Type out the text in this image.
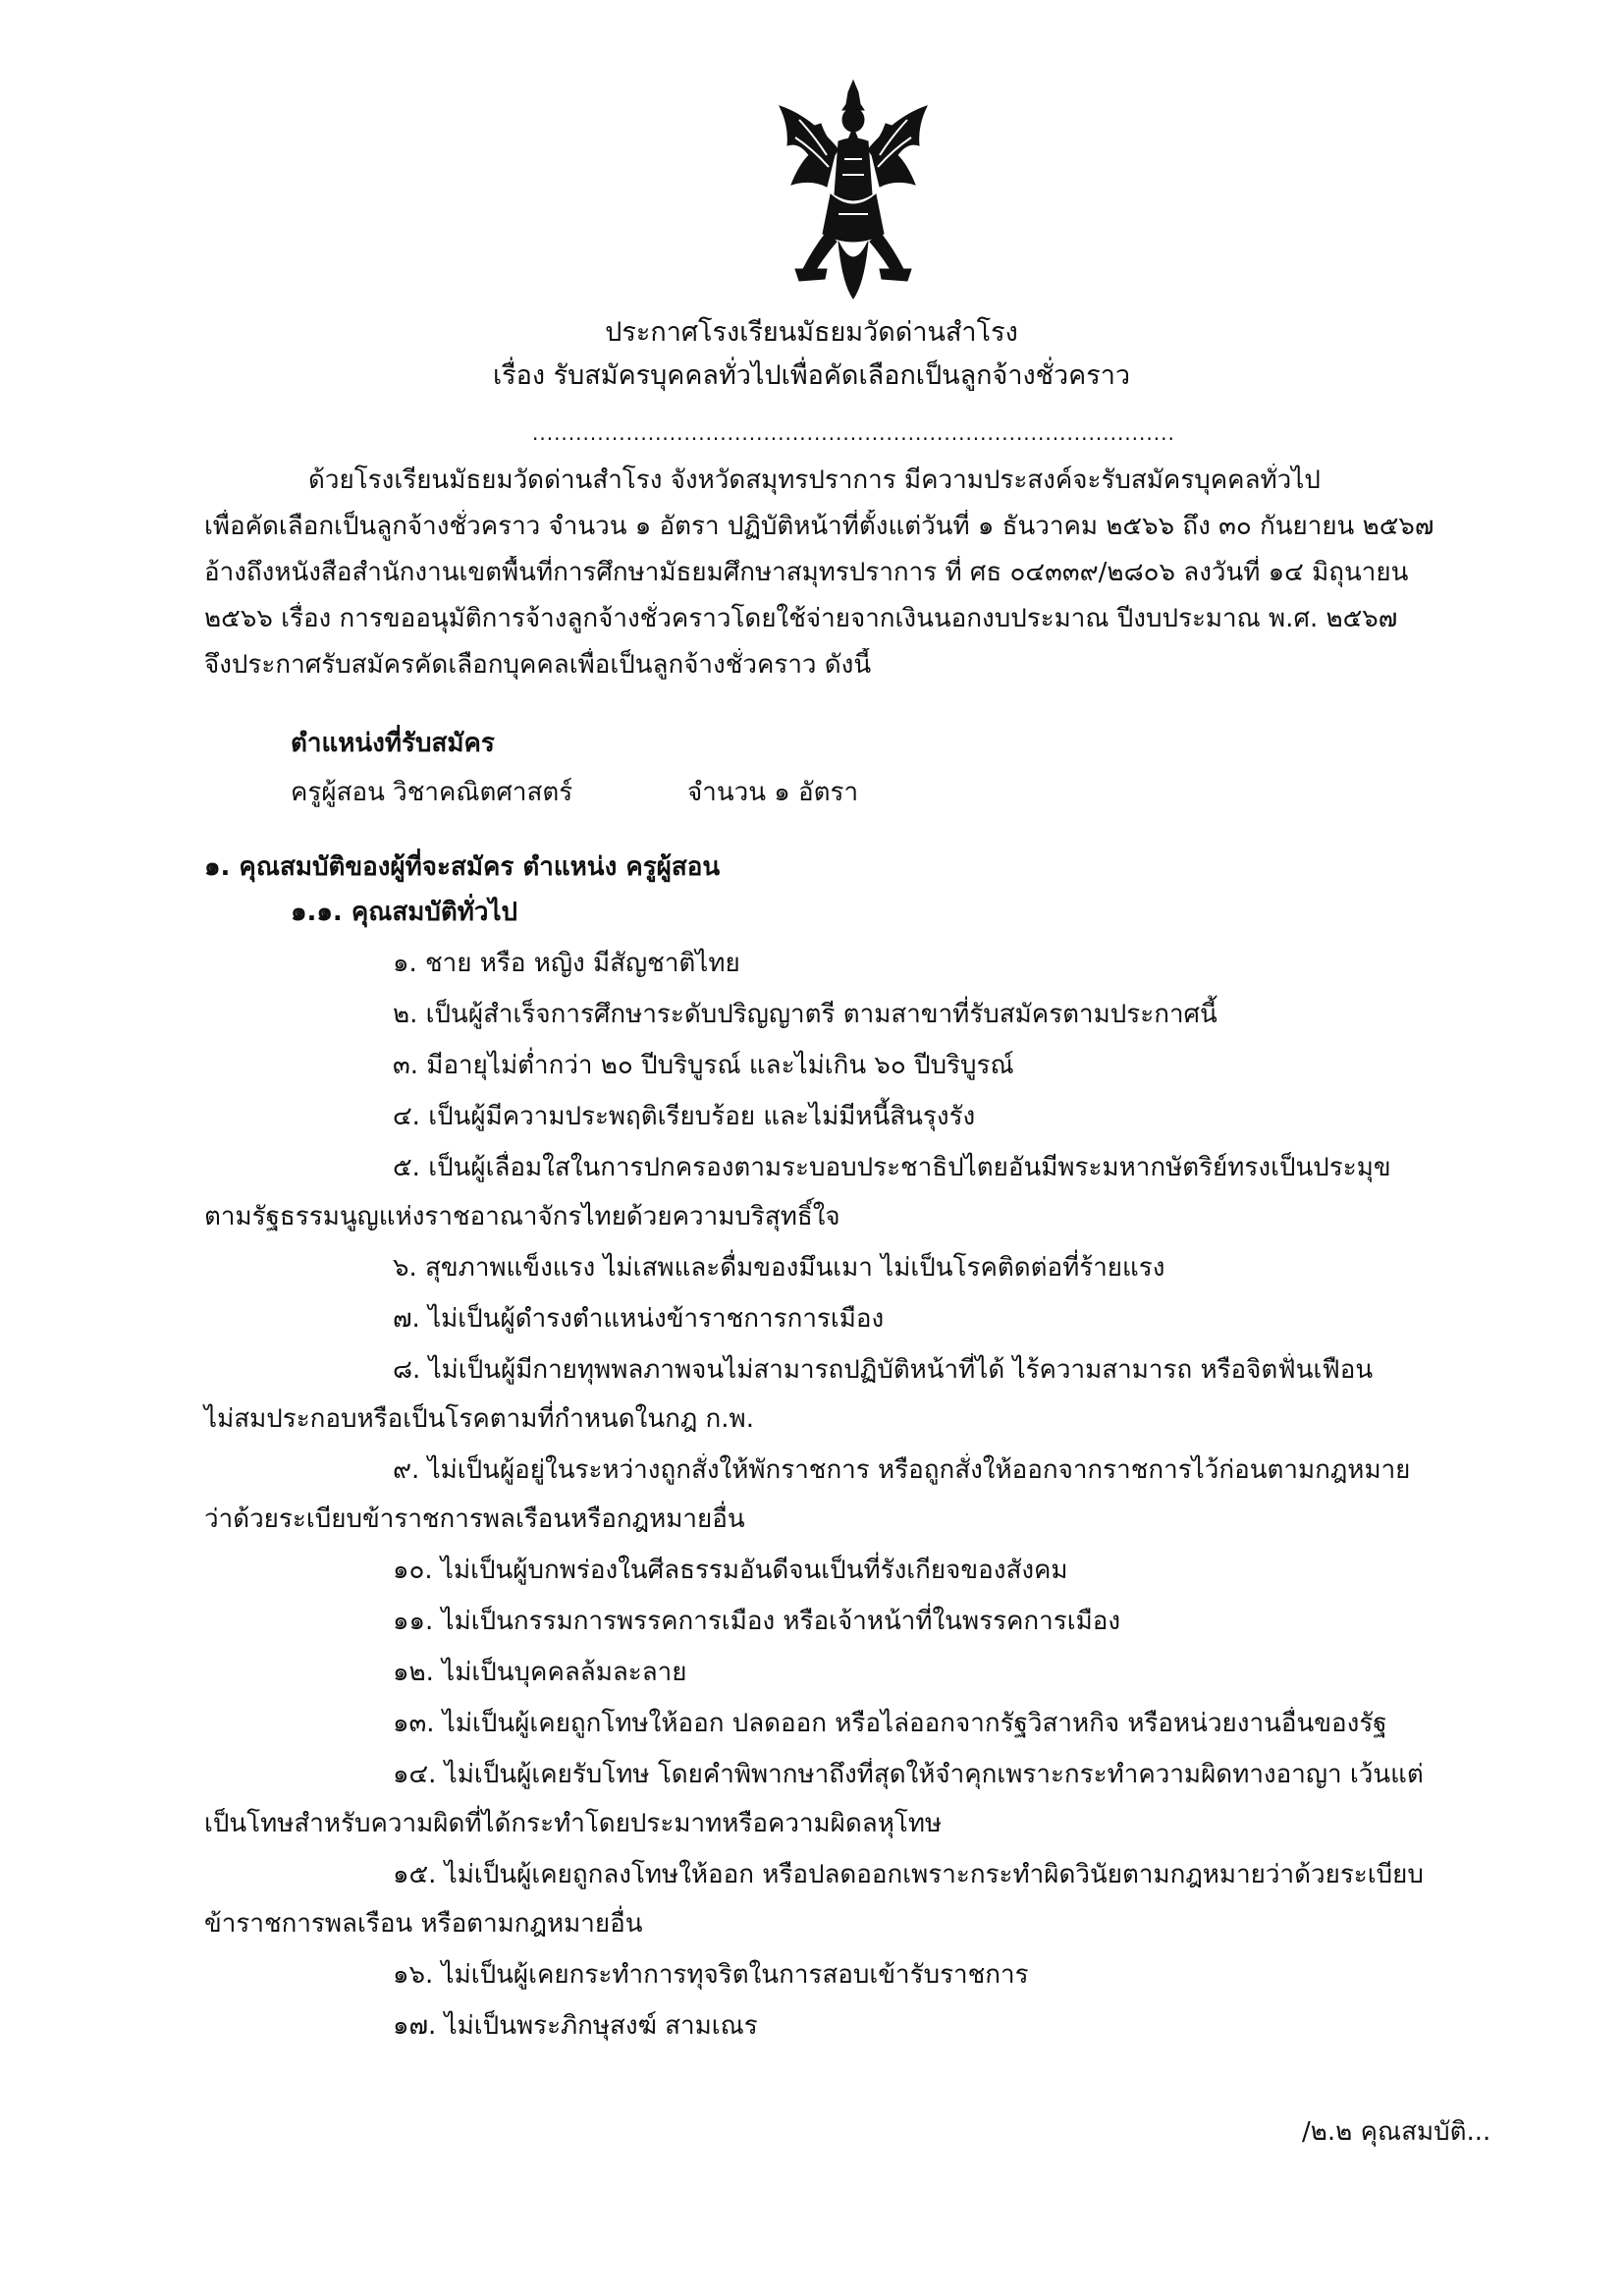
ประกาศโรงเรียนมัธยมวัดด่านสำโรง
เรื่อง รับสมัครบุคคลทั่วไปเพื่อคัดเลือกเป็นลูกจ้างชั่วคราว
.........................................................................................
ด้วยโรงเรียนมัธยมวัดด่านสำโรง จังหวัดสมุทรปราการ มีความประสงค์จะรับสมัครบุคคลทั่วไป
เพื่อคัดเลือกเป็นลูกจ้างชั่วคราว จำนวน ๑ อัตรา ปฏิบัติหน้าที่ตั้งแต่วันที่ ๑ ธันวาคม ๒๕๖๖ ถึง ๓๐ กันยายน ๒๕๖๗
อ้างถึงหนังสือสำนักงานเขตพื้นที่การศึกษามัธยมศึกษาสมุทรปราการ ที่ ศธ ๐๔๓๓๙/๒๘๐๖ ลงวันที่ ๑๔ มิถุนายน
๒๕๖๖ เรื่อง การขออนุมัติการจ้างลูกจ้างชั่วคราวโดยใช้จ่ายจากเงินนอกงบประมาณ ปีงบประมาณ พ.ศ. ๒๕๖๗
จึงประกาศรับสมัครคัดเลือกบุคคลเพื่อเป็นลูกจ้างชั่วคราว ดังนี้
ตำแหน่งที่รับสมัคร
ครูผู้สอน วิชาคณิตศาสตร์	จำนวน ๑ อัตรา
๑. คุณสมบัติของผู้ที่จะสมัคร ตำแหน่ง ครูผู้สอน
๑.๑. คุณสมบัติทั่วไป
๑. ชาย หรือ หญิง มีสัญชาติไทย
๒. เป็นผู้สำเร็จการศึกษาระดับปริญญาตรี ตามสาขาที่รับสมัครตามประกาศนี้
๓. มีอายุไม่ต่ำกว่า ๒๐ ปีบริบูรณ์ และไม่เกิน ๖๐ ปีบริบูรณ์
๔. เป็นผู้มีความประพฤติเรียบร้อย และไม่มีหนี้สินรุงรัง
๕. เป็นผู้เลื่อมใสในการปกครองตามระบอบประชาธิปไตยอันมีพระมหากษัตริย์ทรงเป็นประมุข
ตามรัฐธรรมนูญแห่งราชอาณาจักรไทยด้วยความบริสุทธิ์ใจ
๖. สุขภาพแข็งแรง ไม่เสพและดื่มของมึนเมา ไม่เป็นโรคติดต่อที่ร้ายแรง
๗. ไม่เป็นผู้ดำรงตำแหน่งข้าราชการการเมือง
๘. ไม่เป็นผู้มีกายทุพพลภาพจนไม่สามารถปฏิบัติหน้าที่ได้ ไร้ความสามารถ หรือจิตฟั่นเฟือน
ไม่สมประกอบหรือเป็นโรคตามที่กำหนดในกฎ ก.พ.
๙. ไม่เป็นผู้อยู่ในระหว่างถูกสั่งให้พักราชการ หรือถูกสั่งให้ออกจากราชการไว้ก่อนตามกฎหมาย
ว่าด้วยระเบียบข้าราชการพลเรือนหรือกฎหมายอื่น
๑๐. ไม่เป็นผู้บกพร่องในศีลธรรมอันดีจนเป็นที่รังเกียจของสังคม
๑๑. ไม่เป็นกรรมการพรรคการเมือง หรือเจ้าหน้าที่ในพรรคการเมือง
๑๒. ไม่เป็นบุคคลล้มละลาย
๑๓. ไม่เป็นผู้เคยถูกโทษให้ออก ปลดออก หรือไล่ออกจากรัฐวิสาหกิจ หรือหน่วยงานอื่นของรัฐ
๑๔. ไม่เป็นผู้เคยรับโทษ โดยคำพิพากษาถึงที่สุดให้จำคุกเพราะกระทำความผิดทางอาญา เว้นแต่
เป็นโทษสำหรับความผิดที่ได้กระทำโดยประมาทหรือความผิดลหุโทษ
๑๕. ไม่เป็นผู้เคยถูกลงโทษให้ออก หรือปลดออกเพราะกระทำผิดวินัยตามกฎหมายว่าด้วยระเบียบ
ข้าราชการพลเรือน หรือตามกฎหมายอื่น
๑๖. ไม่เป็นผู้เคยกระทำการทุจริตในการสอบเข้ารับราชการ
๑๗. ไม่เป็นพระภิกษุสงฆ์ สามเณร
/๒.๒ คุณสมบัติ...
